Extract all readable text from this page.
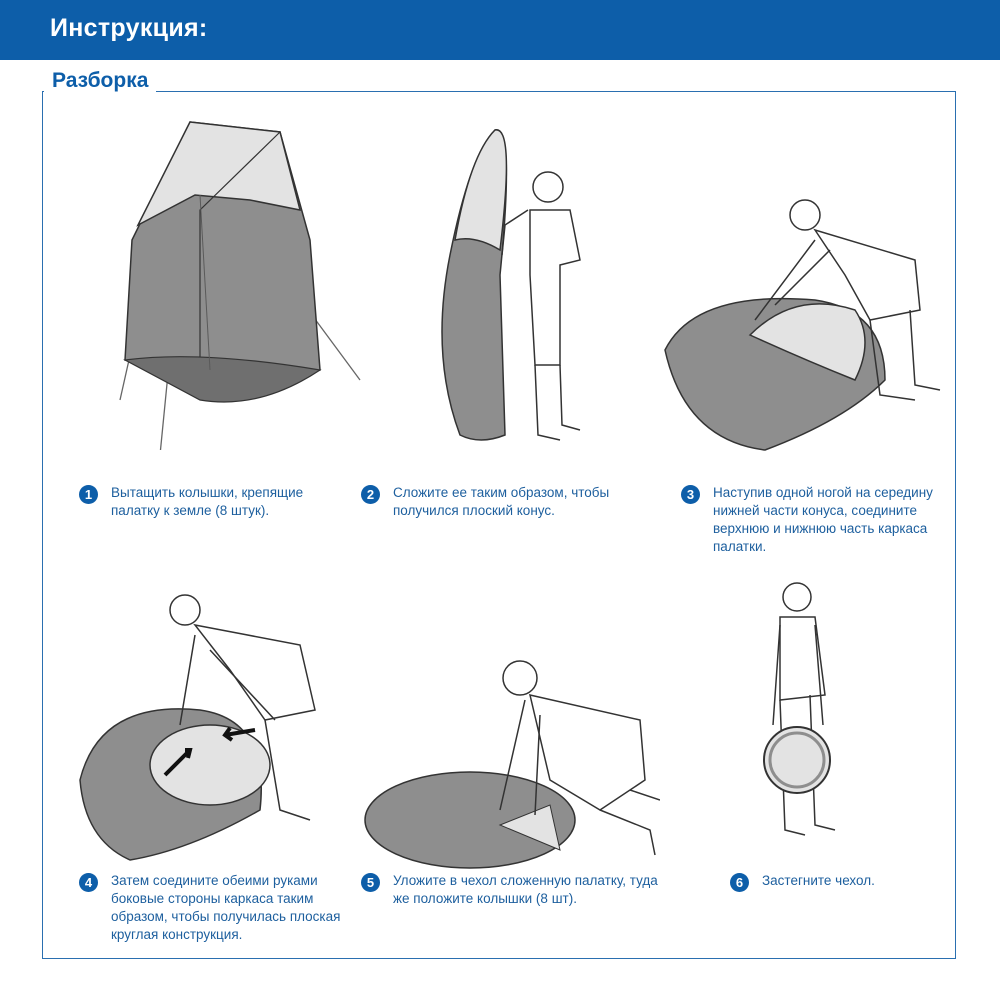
Инструкция:
Разборка
1	Вытащить колышки, крепящие
палатку к земле (8 штук).
2	Сложите ее таким образом, чтобы
получился плоский конус.
3	Наступив одной ногой на середину
нижней части конуса, соедините
верхнюю и нижнюю часть каркаса
палатки.
4	Затем соедините обеими руками
боковые стороны каркаса таким
образом, чтобы получилась плоская
круглая конструкция.
5	Уложите в чехол сложенную палатку, туда
же положите колышки (8 шт).
6	Застегните чехол.
